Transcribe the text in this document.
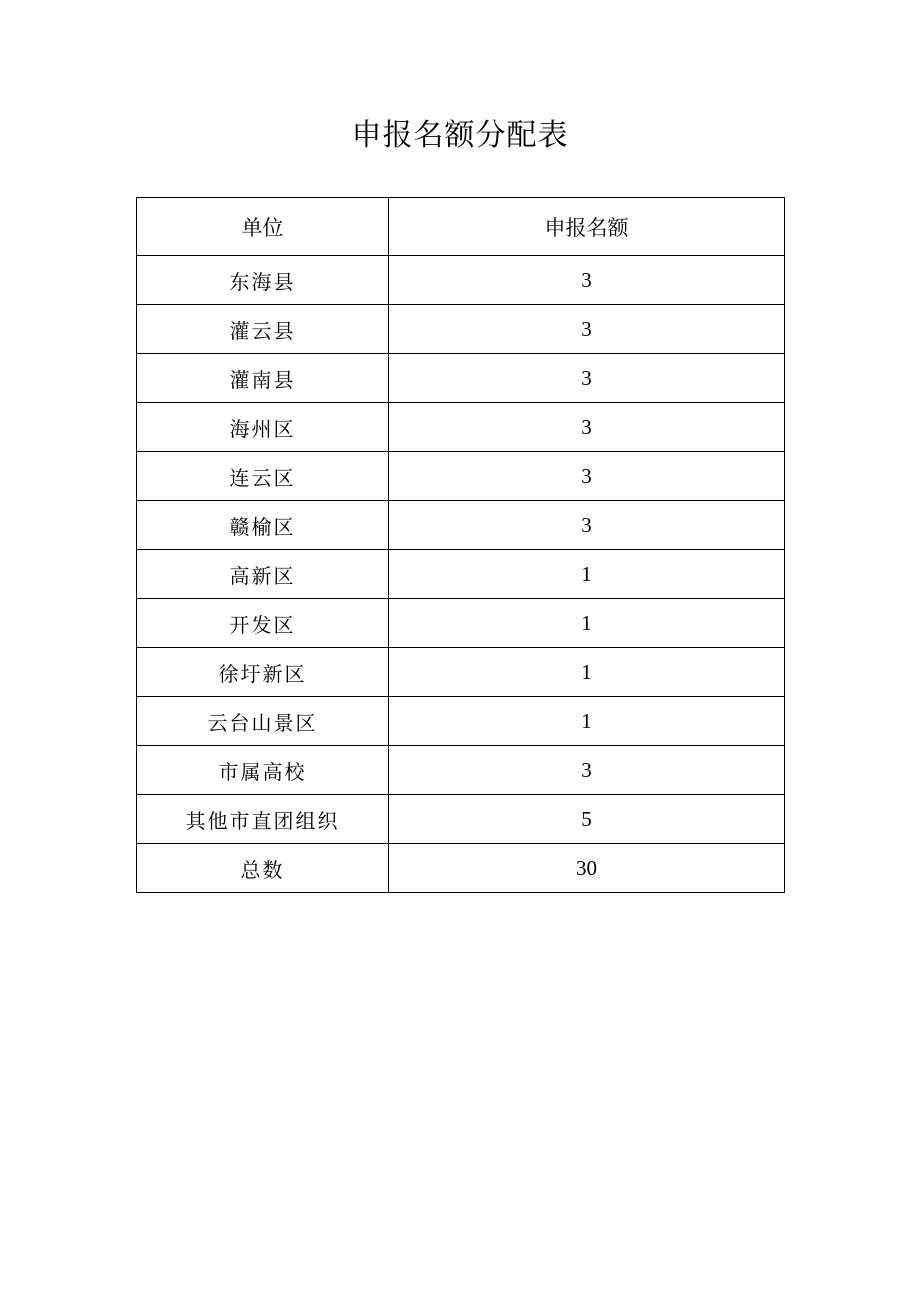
申报名额分配表
单位	申报名额
东海县	3
灌云县	3
灌南县	3
海州区	3
连云区	3
赣榆区	3
高新区	1
开发区	1
徐圩新区	1
云台山景区	1
市属高校	3
其他市直团组织	5
总数	30
